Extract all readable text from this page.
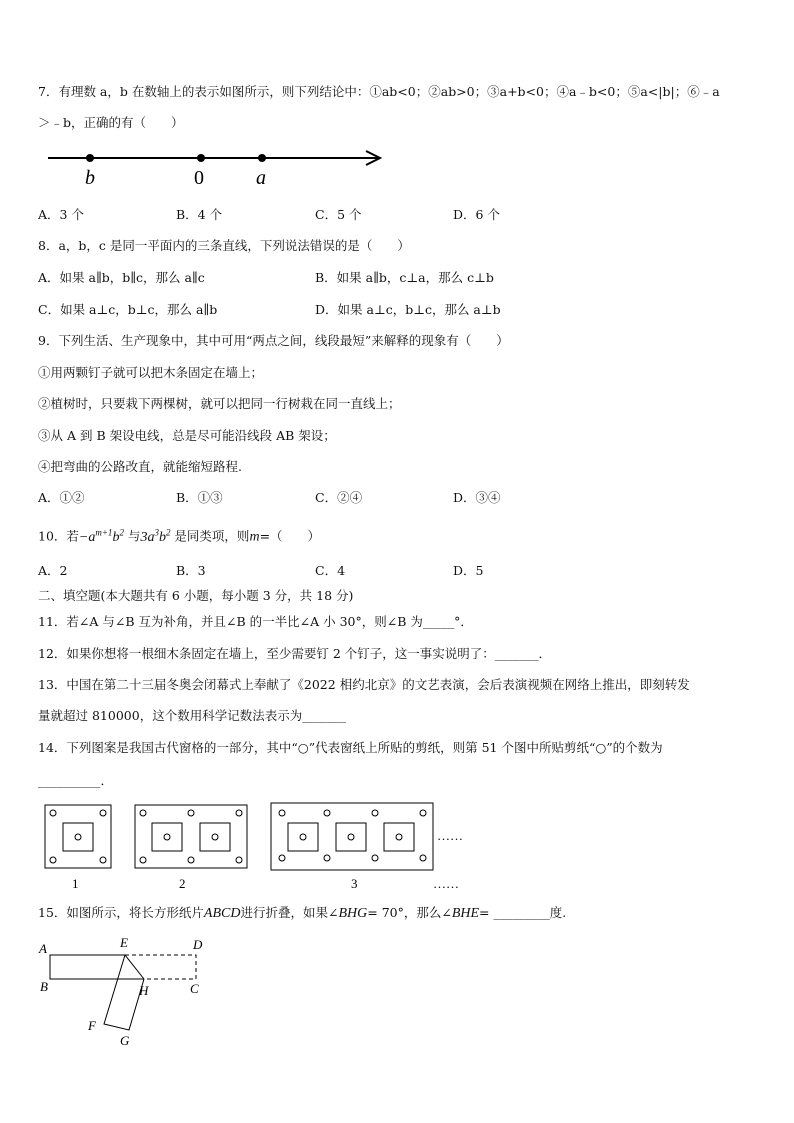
7．有理数 a，b 在数轴上的表示如图所示，则下列结论中：①ab<0；②ab>0；③a+b<0；④a﹣b<0；⑤a<|b|；⑥﹣a
＞﹣b，正确的有（　　）
b	0	a
A．3 个	B．4 个	C．5 个	D．6 个
8．a，b，c 是同一平面内的三条直线，下列说法错误的是（　　）
A．如果 a∥b，b∥c，那么 a∥c	B．如果 a∥b，c⊥a，那么 c⊥b
C．如果 a⊥c，b⊥c，那么 a∥b	D．如果 a⊥c，b⊥c，那么 a⊥b
9．下列生活、生产现象中，其中可用“两点之间，线段最短”来解释的现象有（　　）
①用两颗钉子就可以把木条固定在墙上；
②植树时，只要栽下两棵树，就可以把同一行树栽在同一直线上；
③从 A 到 B 架设电线，总是尽可能沿线段 AB 架设；
④把弯曲的公路改直，就能缩短路程.
A．①②	B．①③	C．②④	D．③④
10．若$-a^{m+1}b^2$ 与$3a^3b^2$ 是同类项，则m=（　　）
A．2	B．3	C．4	D．5
二、填空题(本大题共有 6 小题，每小题 3 分，共 18 分)
11．若∠A 与∠B 互为补角，并且∠B 的一半比∠A 小 30°，则∠B 为_____°．
12．如果你想将一根细木条固定在墙上，至少需要钉 2 个钉子，这一事实说明了：_______．
13．中国在第二十三届冬奥会闭幕式上奉献了《2022 相约北京》的文艺表演，会后表演视频在网络上推出，即刻转发
量就超过 810000，这个数用科学记数法表示为_______
14．下列图案是我国古代窗格的一部分，其中“○”代表窗纸上所贴的剪纸，则第 51 个图中所贴剪纸“○”的个数为
__________．
1	2	3
……
……
15．如图所示，将长方形纸片ABCD进行折叠，如果∠BHG= 70°，那么∠BHE= _________度.
A	E	D
B	H	C
F
G
